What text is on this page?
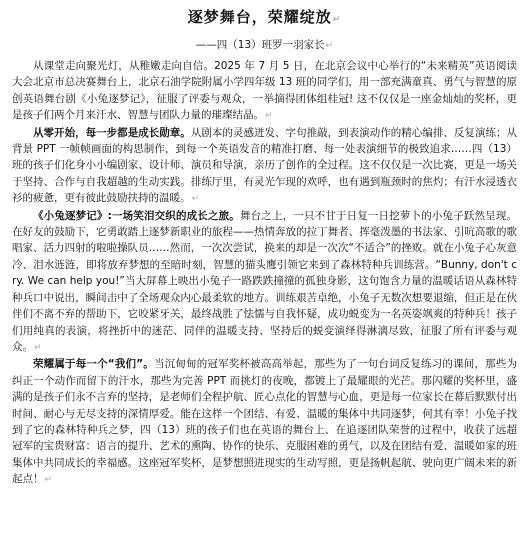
逐梦舞台，荣耀绽放↵
——四（13）班罗一羽家长↵

从课堂走向聚光灯，从稚嫩走向自信。2025 年 7 月 5 日，在北京会议中心举行的“未来精英”英语阅读大会北京市总决赛舞台上，北京石油学院附属小学四年级 13 班的同学们，用一部充满童真、勇气与智慧的原创英语舞台剧《小兔逐梦记》，征服了评委与观众，一举摘得团体组桂冠! 这不仅仅是一座金灿灿的奖杯，更是孩子们两个月来汗水、智慧与团队力量的璀璨结晶。↵

从零开始，每一步都是成长勋章。从剧本的灵感迸发、字句推敲，到表演动作的精心编排、反复演练；从背景 PPT 一帧帧画面的构思制作，到每一个英语发音的精准打磨、每一处表演细节的极致追求……四（13）班的孩子们化身小小编剧家、设计师、演员和导演，亲历了创作的全过程。这不仅仅是一次比赛，更是一场关于坚持、合作与自我超越的生动实践。排练厅里，有灵光乍现的欢呼，也有遇到瓶颈时的焦灼；有汗水浸透衣衫的疲惫，更有彼此鼓励扶持的温暖。↵

《小兔逐梦记》:一场笑泪交织的成长之旅。舞台之上，一只不甘于日复一日挖萝卜的小兔子跃然呈现。在好友的鼓励下，它勇敢踏上逐梦新职业的旅程——热情奔放的拉丁舞者、挥毫泼墨的书法家、引吭高歌的歌唱家、活力四射的啦啦操队员……然而，一次次尝试，换来的却是一次次“不适合”的挫败。就在小兔子心灰意冷、泪水涟涟，即将放弃梦想的至暗时刻，智慧的猫头鹰引领它来到了森林特种兵训练营。“Bunny, don't cry. We can help you!”当大屏幕上映出小兔子一路跌跌撞撞的孤独身影，这句饱含力量的温暖话语从森林特种兵口中说出，瞬间击中了全场观众内心最柔软的地方。训练艰苦卓绝，小兔子无数次想要退缩，但正是在伙伴们不离不弃的帮助下，它咬紧牙关，最终战胜了怯懦与自我怀疑，成功蜕变为一名英姿飒爽的特种兵！孩子们用纯真的表演，将挫折中的迷茫、同伴的温暖支持、坚持后的蜕变演绎得淋漓尽致，征服了所有评委与观众。↵

荣耀属于每一个“我们”。当沉甸甸的冠军奖杯被高高举起，那些为了一句台词反复练习的课间，那些为纠正一个动作而留下的汗水，那些为完善 PPT 而挑灯的夜晚，都镀上了最耀眼的光芒。那闪耀的奖杯里，盛满的是孩子们永不言弃的坚持，是老师们全程护航、匠心点化的智慧与心血，更是每一位家长在幕后默默付出时间、耐心与无尽支持的深情厚爱。能在这样一个团结、有爱、温暖的集体中共同逐梦，何其有幸！小兔子找到了它的森林特种兵之梦，四（13）班的孩子们也在英语的舞台上、在追逐团队荣誉的过程中，收获了远超冠军的宝贵财富：语言的提升、艺术的熏陶、协作的快乐、克服困难的勇气，以及在团结有爱、温暖如家的班集体中共同成长的幸福感。这座冠军奖杯，是梦想照进现实的生动写照，更是扬帆起航、驶向更广阔未来的新起点！↵
